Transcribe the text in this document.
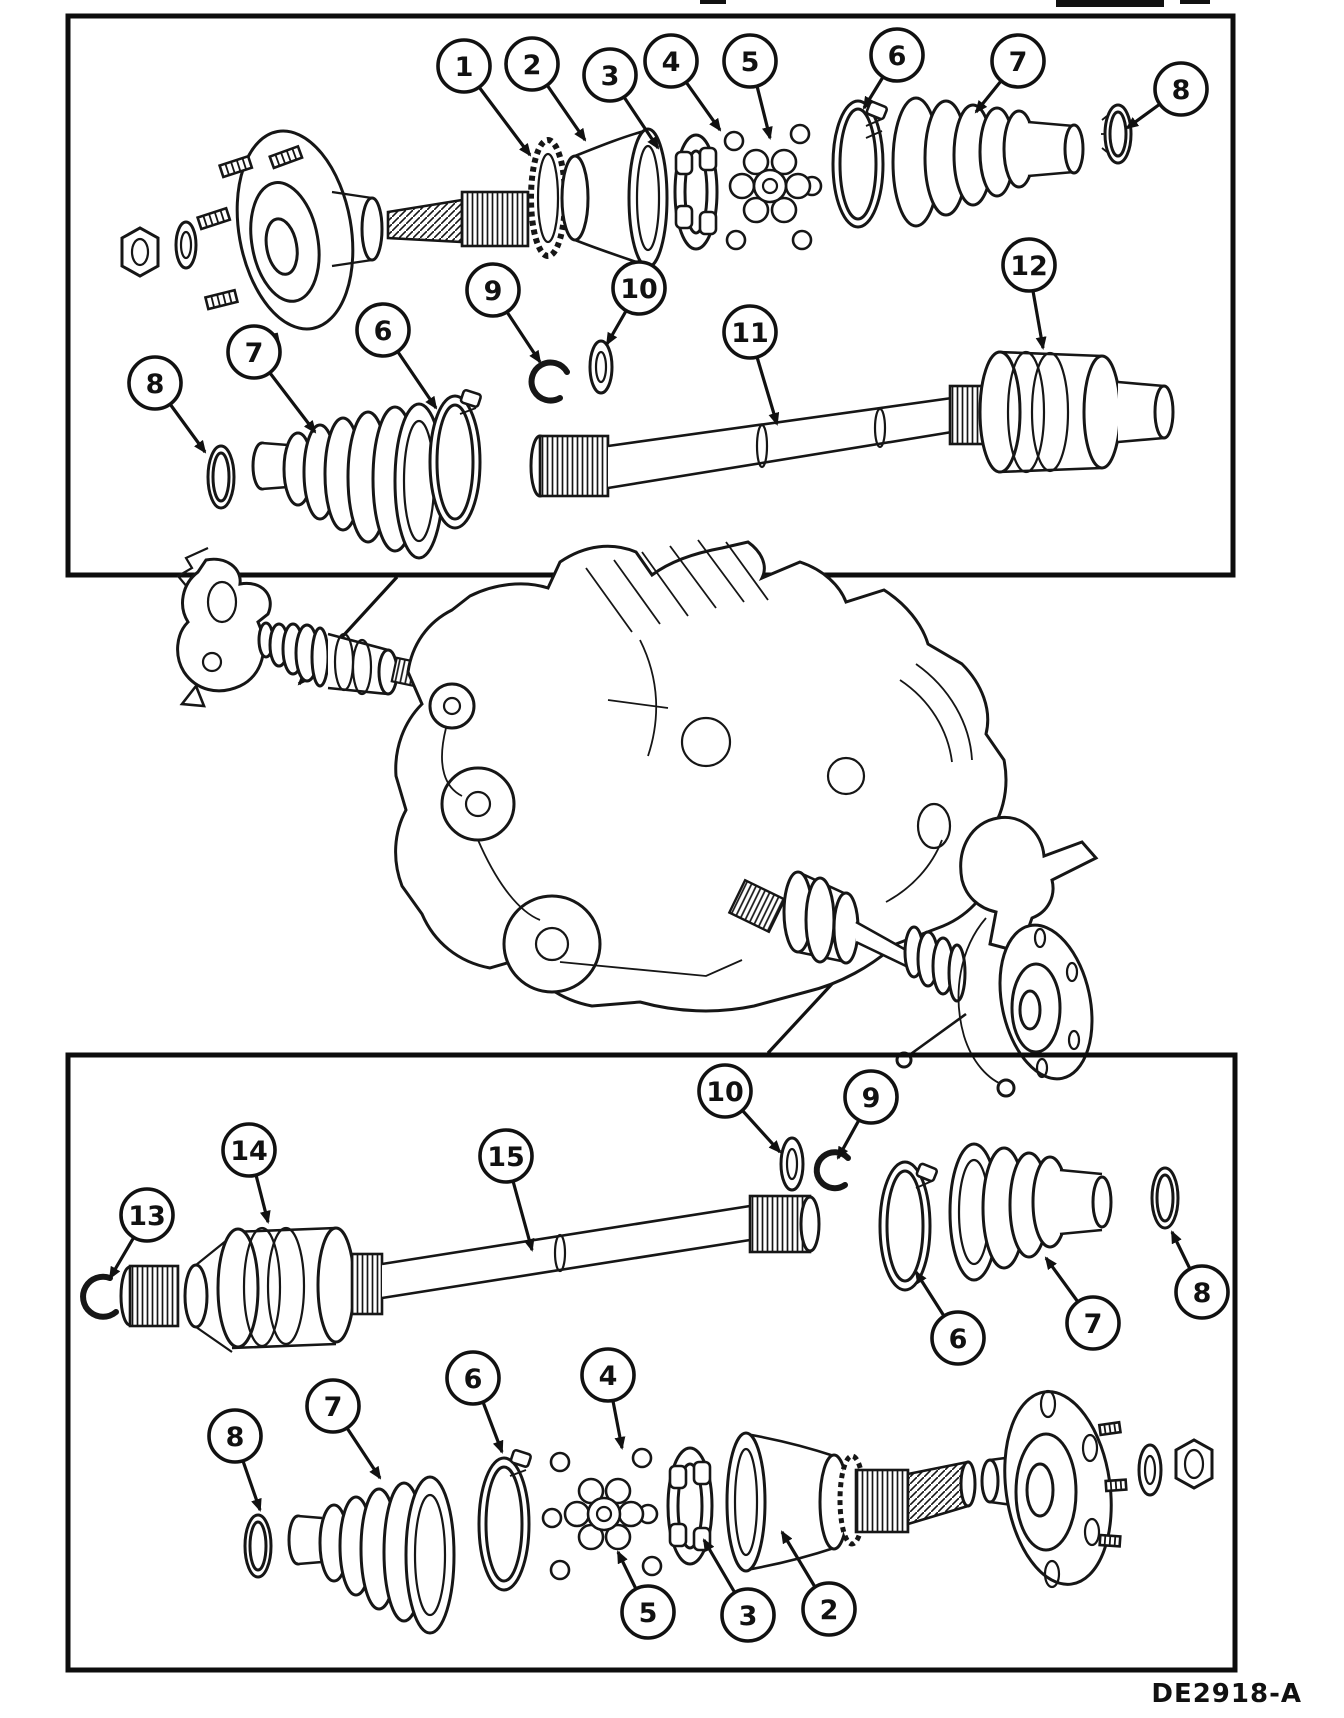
1 2 3 4 5	6	7
8
8
7
6
9	10
11
12
13
14	15
10	9
6	7
8
8
7
6	4
5	3 2
DE2918-A
